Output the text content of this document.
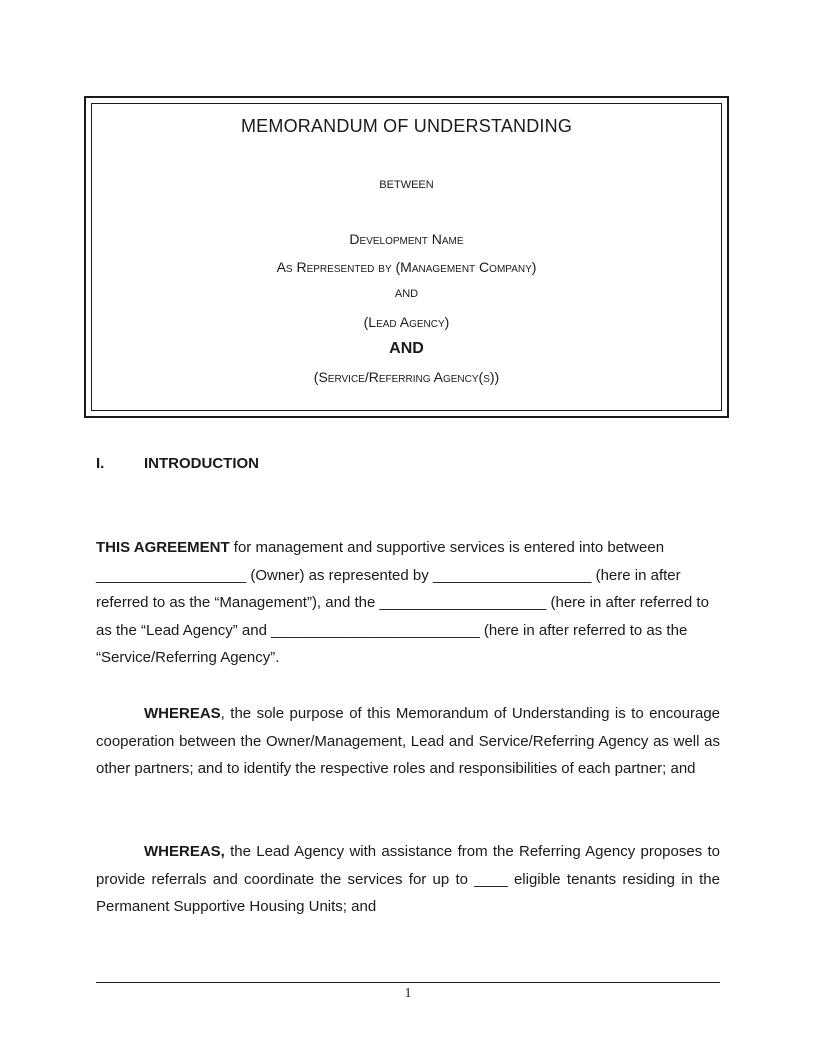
MEMORANDUM OF UNDERSTANDING
BETWEEN
Development Name
As Represented by (Management Company)
AND
(Lead Agency)
AND
(Service/Referring Agency(s))
I.	INTRODUCTION
THIS AGREEMENT for management and supportive services is entered into between __________________ (Owner) as represented by ___________________ (here in after referred to as the “Management”), and the ____________________ (here in after referred to as the “Lead Agency” and _________________________ (here in after referred to as the “Service/Referring Agency”.
WHEREAS, the sole purpose of this Memorandum of Understanding is to encourage cooperation between the Owner/Management, Lead and Service/Referring Agency as well as other partners; and to identify the respective roles and responsibilities of each partner; and
WHEREAS, the Lead Agency with assistance from the Referring Agency proposes to provide referrals and coordinate the services for up to ____ eligible tenants residing in the Permanent Supportive Housing Units; and
1
